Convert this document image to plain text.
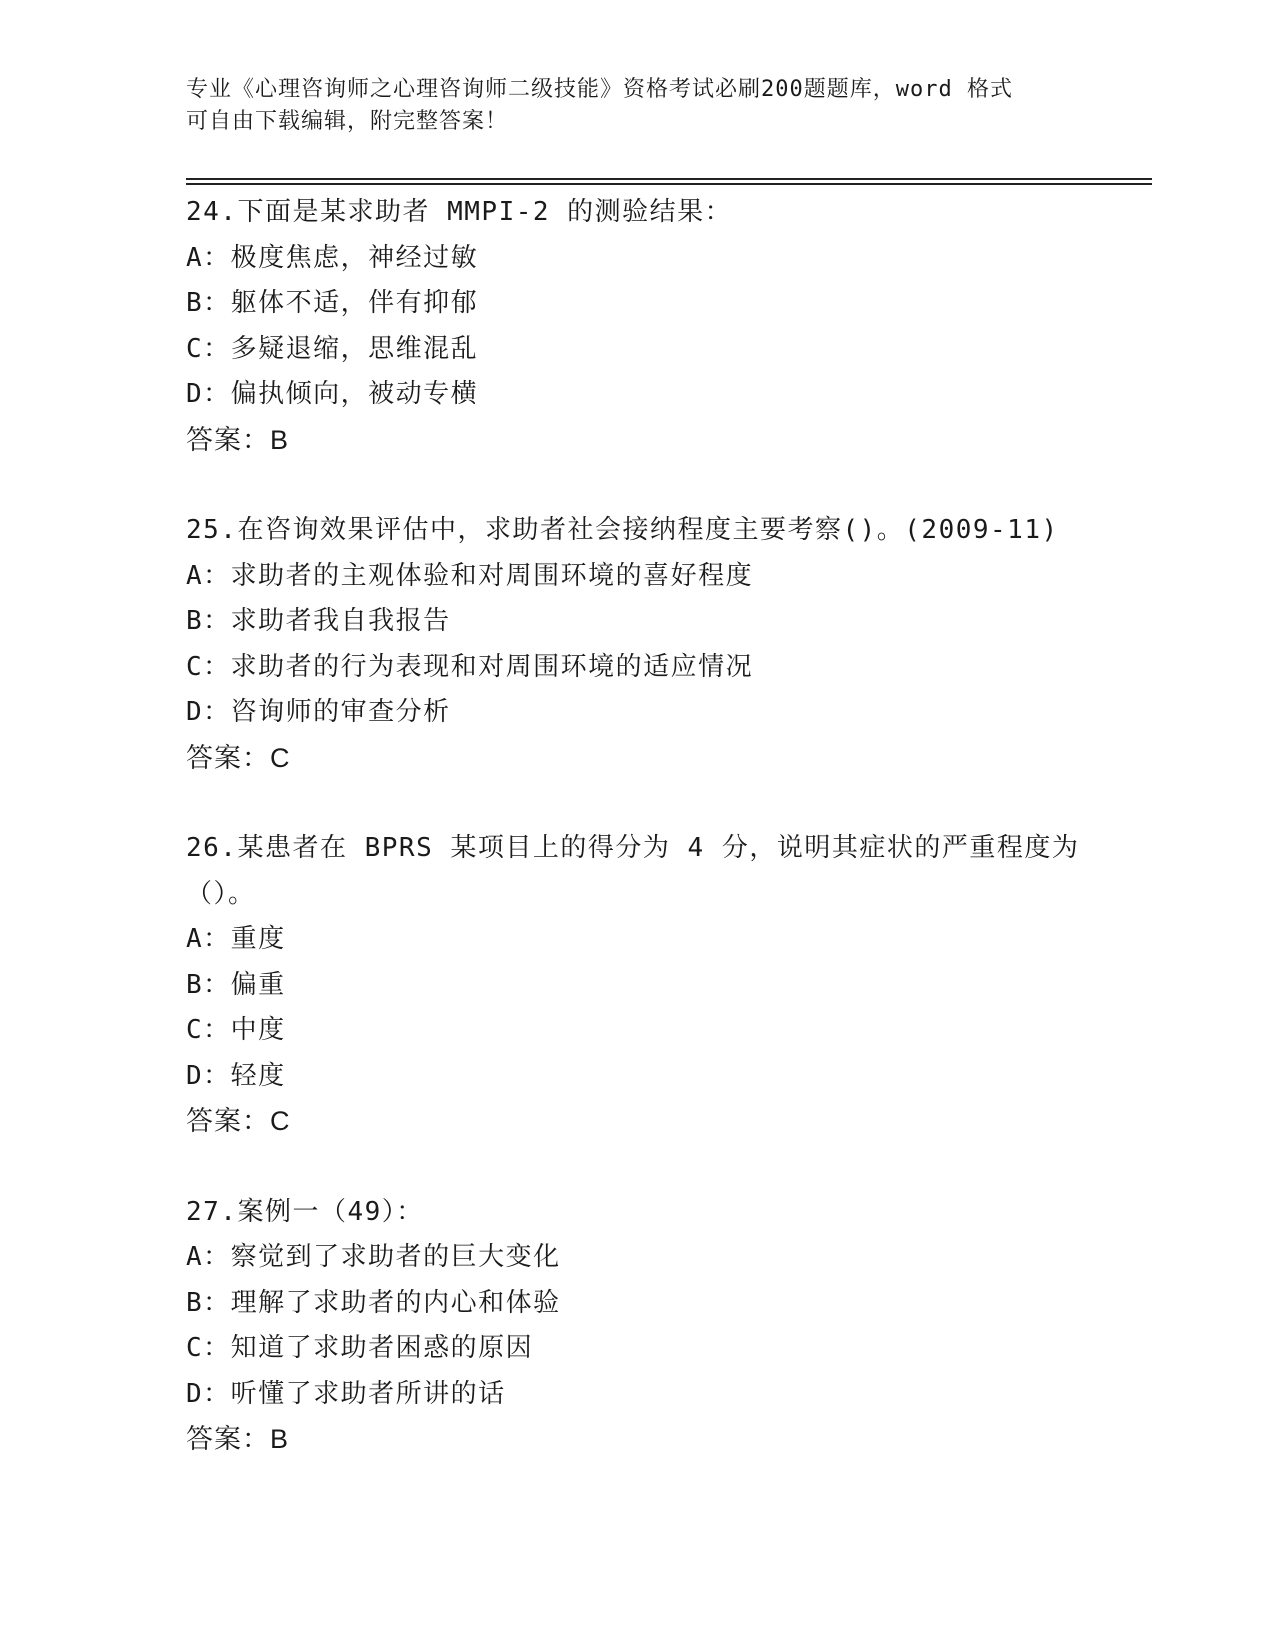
专业《心理咨询师之心理咨询师二级技能》资格考试必刷200题题库，word 格式
可自由下载编辑，附完整答案！
24.下面是某求助者 MMPI-2 的测验结果：
A：极度焦虑，神经过敏
B：躯体不适，伴有抑郁
C：多疑退缩，思维混乱
D：偏执倾向，被动专横
答案：B
25.在咨询效果评估中，求助者社会接纳程度主要考察()。(2009-11)
A：求助者的主观体验和对周围环境的喜好程度
B：求助者我自我报告
C：求助者的行为表现和对周围环境的适应情况
D：咨询师的审查分析
答案：C
26.某患者在 BPRS 某项目上的得分为 4 分，说明其症状的严重程度为
（）。
A：重度
B：偏重
C：中度
D：轻度
答案：C
27.案例一（49）：
A：察觉到了求助者的巨大变化
B：理解了求助者的内心和体验
C：知道了求助者困惑的原因
D：听懂了求助者所讲的话
答案：B
